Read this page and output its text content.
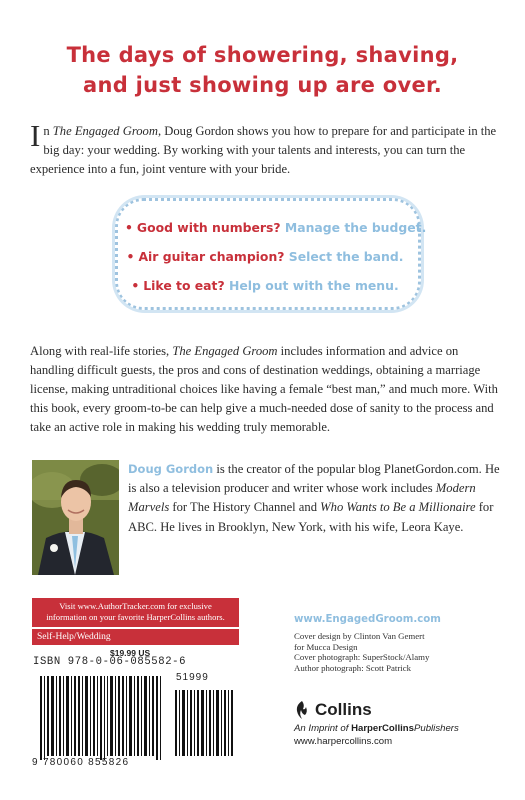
The days of showering, shaving,
and just showing up are over.
In The Engaged Groom, Doug Gordon shows you how to prepare for and participate in the big day: your wedding. By working with your talents and interests, you can turn the experience into a fun, joint venture with your bride.
• Good with numbers? Manage the budget.
• Air guitar champion? Select the band.
• Like to eat? Help out with the menu.
Along with real-life stories, The Engaged Groom includes information and advice on handling difficult guests, the pros and cons of destination weddings, obtaining a marriage license, making untraditional choices like having a female “best man,” and much more. With this book, every groom-to-be can help give a much-needed dose of sanity to the process and take an active role in making his wedding truly memorable.
Doug Gordon is the creator of the popular blog PlanetGordon.com. He is also a television producer and writer whose work includes Modern Marvels for The History Channel and Who Wants to Be a Millionaire for ABC. He lives in Brooklyn, New York, with his wife, Leora Kaye.
Visit www.AuthorTracker.com for exclusive information on your favorite HarperCollins authors.
Self-Help/Wedding
$19.99 US
ISBN 978-0-06-085582-6
51999
9 780060 855826
www.EngagedGroom.com
Cover design by Clinton Van Gemert
for Mucca Design
Cover photograph: SuperStock/Alamy
Author photograph: Scott Patrick
Collins
An Imprint of HarperCollinsPublishers
www.harpercollins.com
